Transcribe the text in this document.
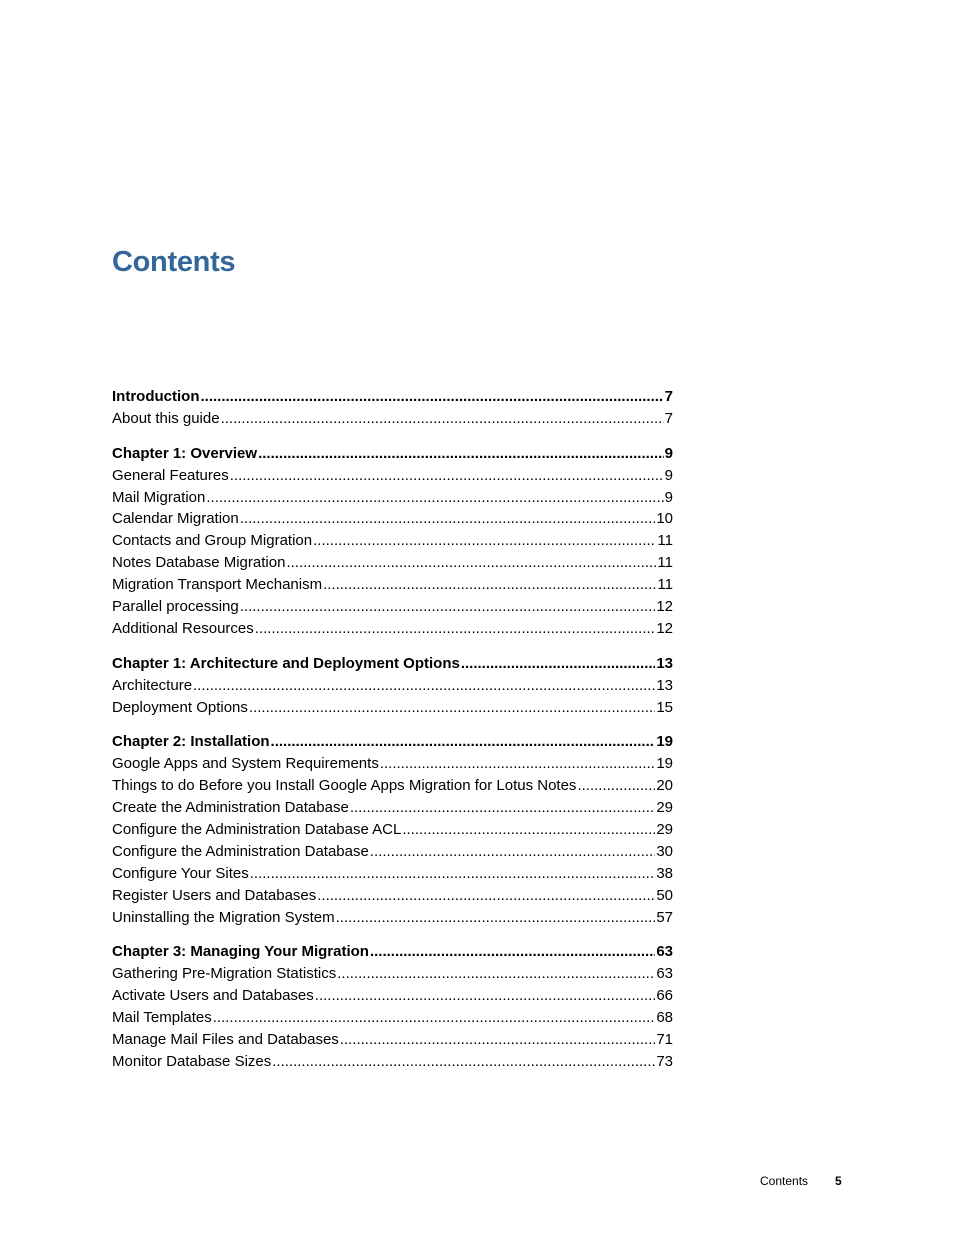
Contents
Introduction .....	7
About this guide .....	7
Chapter 1: Overview .....	9
General Features .....	9
Mail Migration .....	9
Calendar Migration .....	10
Contacts and Group Migration .....	11
Notes Database Migration .....	11
Migration Transport Mechanism .....	11
Parallel processing .....	12
Additional Resources .....	12
Chapter 1: Architecture and Deployment Options .....	13
Architecture .....	13
Deployment Options .....	15
Chapter 2: Installation .....	19
Google Apps and System Requirements .....	19
Things to do Before you Install Google Apps Migration for Lotus Notes .....	20
Create the Administration Database .....	29
Configure the Administration Database ACL .....	29
Configure the Administration Database .....	30
Configure Your Sites .....	38
Register Users and Databases .....	50
Uninstalling the Migration System .....	57
Chapter 3: Managing Your Migration .....	63
Gathering Pre-Migration Statistics .....	63
Activate Users and Databases .....	66
Mail Templates .....	68
Manage Mail Files and Databases .....	71
Monitor Database Sizes .....	73
Contents 5
